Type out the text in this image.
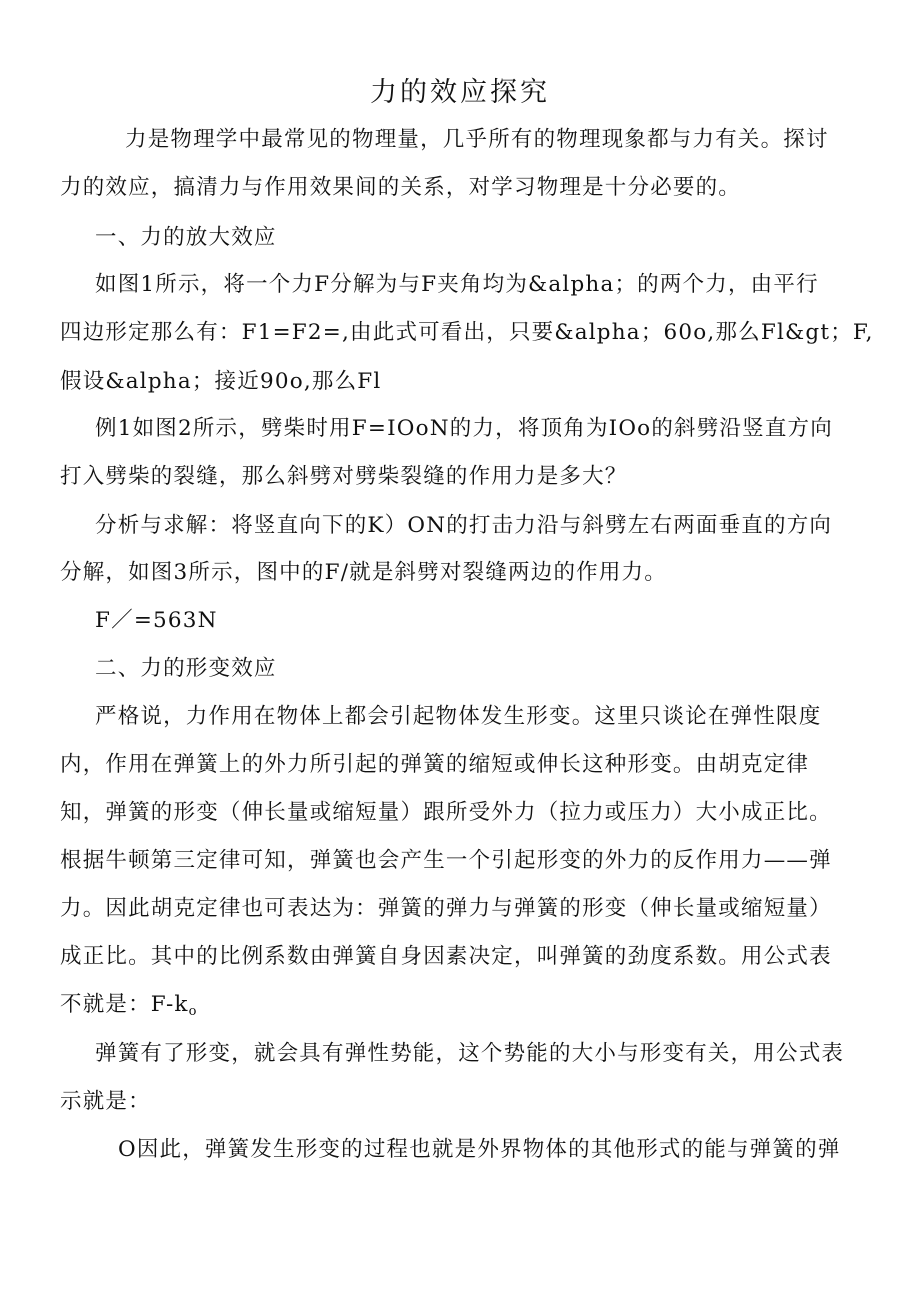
力的效应探究
力是物理学中最常见的物理量，几乎所有的物理现象都与力有关。探讨
力的效应，搞清力与作用效果间的关系，对学习物理是十分必要的。
一、力的放大效应
如图1所示，将一个力F分解为与F夹角均为&alpha；的两个力，由平行
四边形定那么有：F1=F2=,由此式可看出，只要&alpha；60o,那么Fl&gt；F,
假设&alpha；接近90o,那么Fl
例1如图2所示，劈柴时用F=IOoN的力，将顶角为IOo的斜劈沿竖直方向
打入劈柴的裂缝，那么斜劈对劈柴裂缝的作用力是多大？
分析与求解：将竖直向下的K）ON的打击力沿与斜劈左右两面垂直的方向
分解，如图3所示，图中的F/就是斜劈对裂缝两边的作用力。
F／=563N
二、力的形变效应
严格说，力作用在物体上都会引起物体发生形变。这里只谈论在弹性限度
内，作用在弹簧上的外力所引起的弹簧的缩短或伸长这种形变。由胡克定律
知，弹簧的形变（伸长量或缩短量）跟所受外力（拉力或压力）大小成正比。
根据牛顿第三定律可知，弹簧也会产生一个引起形变的外力的反作用力——弹
力。因此胡克定律也可表达为：弹簧的弹力与弹簧的形变（伸长量或缩短量）
成正比。其中的比例系数由弹簧自身因素决定，叫弹簧的劲度系数。用公式表
不就是：$F-k_o$
弹簧有了形变，就会具有弹性势能，这个势能的大小与形变有关，用公式表
示就是：
O因此，弹簧发生形变的过程也就是外界物体的其他形式的能与弹簧的弹
